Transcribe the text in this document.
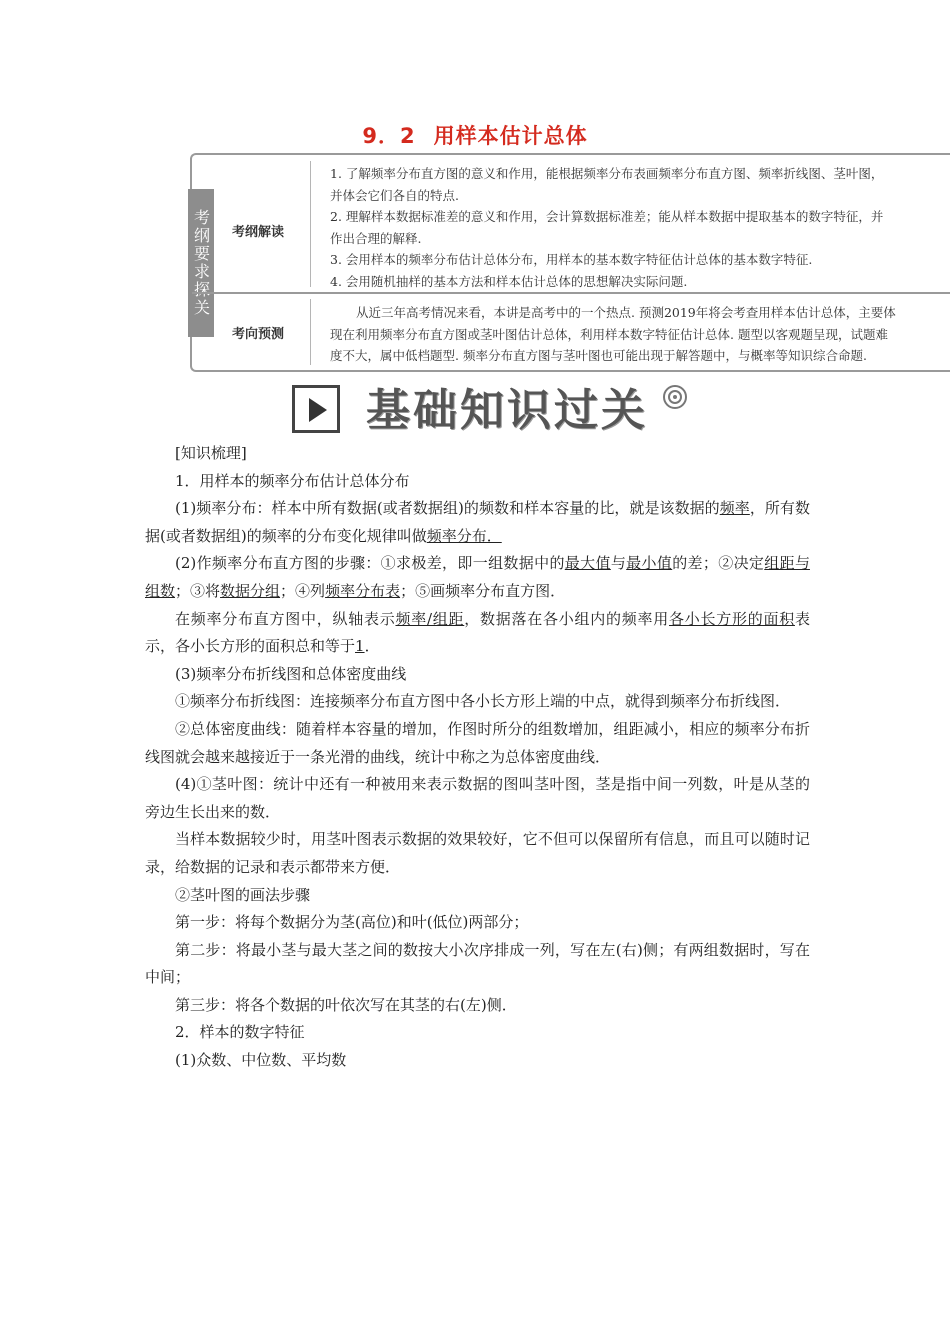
9．2 用样本估计总体
考纲要求探关 考纲解读

1. 了解频率分布直方图的意义和作用，能根据频率分布表画频率分布直方图、频率折线图、茎叶图，

并体会它们各自的特点.

2. 理解样本数据标准差的意义和作用，会计算数据标准差；能从样本数据中提取基本的数字特征，并

作出合理的解释.

3. 会用样本的频率分布估计总体分布，用样本的基本数字特征估计总体的基本数字特征.

4. 会用随机抽样的基本方法和样本估计总体的思想解决实际问题.

考向预测

从近三年高考情况来看，本讲是高考中的一个热点. 预测2019年将会考查用样本估计总体，主要体

现在利用频率分布直方图或茎叶图估计总体，利用样本数字特征估计总体. 题型以客观题呈现，试题难

度不大，属中低档题型. 频率分布直方图与茎叶图也可能出现于解答题中，与概率等知识综合命题.

基础知识过关

[知识梳理]

1．用样本的频率分布估计总体分布

(1)频率分布：样本中所有数据(或者数据组)的频数和样本容量的比，就是该数据的频率，所有数据(或者数据组)的频率的分布变化规律叫做频率分布．

(2)作频率分布直方图的步骤：①求极差，即一组数据中的最大值与最小值的差；②决定组距与组数；③将数据分组；④列频率分布表；⑤画频率分布直方图．

在频率分布直方图中，纵轴表示频率/组距，数据落在各小组内的频率用各小长方形的面积表示，各小长方形的面积总和等于1．

(3)频率分布折线图和总体密度曲线

①频率分布折线图：连接频率分布直方图中各小长方形上端的中点，就得到频率分布折线图．

②总体密度曲线：随着样本容量的增加，作图时所分的组数增加，组距减小，相应的频率分布折线图就会越来越接近于一条光滑的曲线，统计中称之为总体密度曲线．

(4)①茎叶图：统计中还有一种被用来表示数据的图叫茎叶图，茎是指中间一列数，叶是从茎的旁边生长出来的数．

当样本数据较少时，用茎叶图表示数据的效果较好，它不但可以保留所有信息，而且可以随时记录，给数据的记录和表示都带来方便．

②茎叶图的画法步骤

第一步：将每个数据分为茎(高位)和叶(低位)两部分；

第二步：将最小茎与最大茎之间的数按大小次序排成一列，写在左(右)侧；有两组数据时，写在中间；

第三步：将各个数据的叶依次写在其茎的右(左)侧．

2．样本的数字特征

(1)众数、中位数、平均数
